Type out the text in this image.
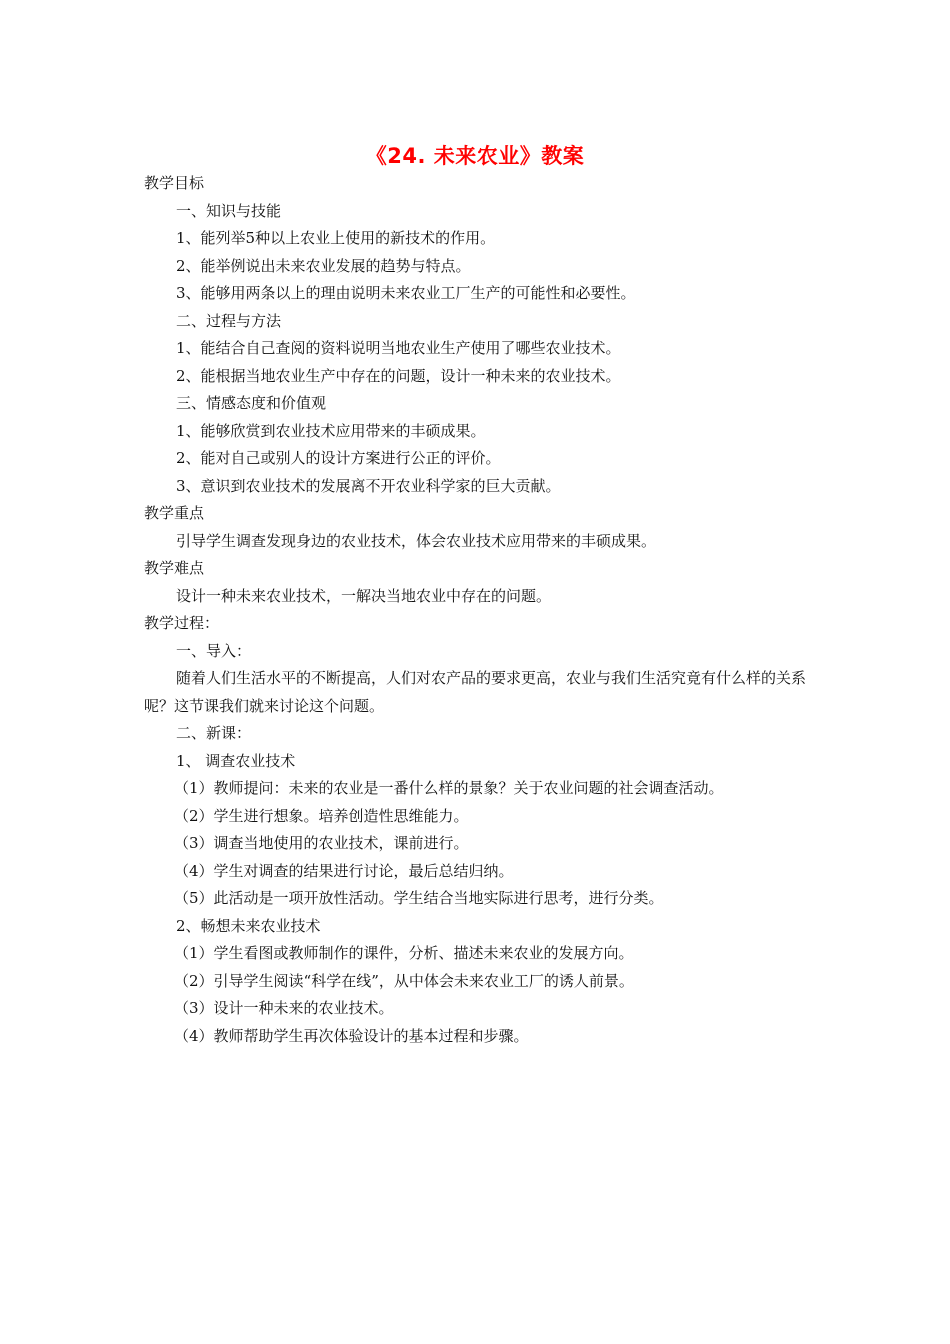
《24. 未来农业》教案
教学目标
一、知识与技能
1、能列举5种以上农业上使用的新技术的作用。
2、能举例说出未来农业发展的趋势与特点。
3、能够用两条以上的理由说明未来农业工厂生产的可能性和必要性。
二、过程与方法
1、能结合自己查阅的资料说明当地农业生产使用了哪些农业技术。
2、能根据当地农业生产中存在的问题，设计一种未来的农业技术。
三、情感态度和价值观
1、能够欣赏到农业技术应用带来的丰硕成果。
2、能对自己或别人的设计方案进行公正的评价。
3、意识到农业技术的发展离不开农业科学家的巨大贡献。
教学重点
引导学生调查发现身边的农业技术，体会农业技术应用带来的丰硕成果。
教学难点
设计一种未来农业技术，一解决当地农业中存在的问题。
教学过程：
一、导入：
随着人们生活水平的不断提高，人们对农产品的要求更高，农业与我们生活究竟有什么样的关系呢？这节课我们就来讨论这个问题。
二、新课：
1、 调查农业技术
（1）教师提问：未来的农业是一番什么样的景象？关于农业问题的社会调查活动。
（2）学生进行想象。培养创造性思维能力。
（3）调查当地使用的农业技术，课前进行。
（4）学生对调查的结果进行讨论，最后总结归纳。
（5）此活动是一项开放性活动。学生结合当地实际进行思考，进行分类。
2、畅想未来农业技术
（1）学生看图或教师制作的课件，分析、描述未来农业的发展方向。
（2）引导学生阅读“科学在线”，从中体会未来农业工厂的诱人前景。
（3）设计一种未来的农业技术。
（4）教师帮助学生再次体验设计的基本过程和步骤。
